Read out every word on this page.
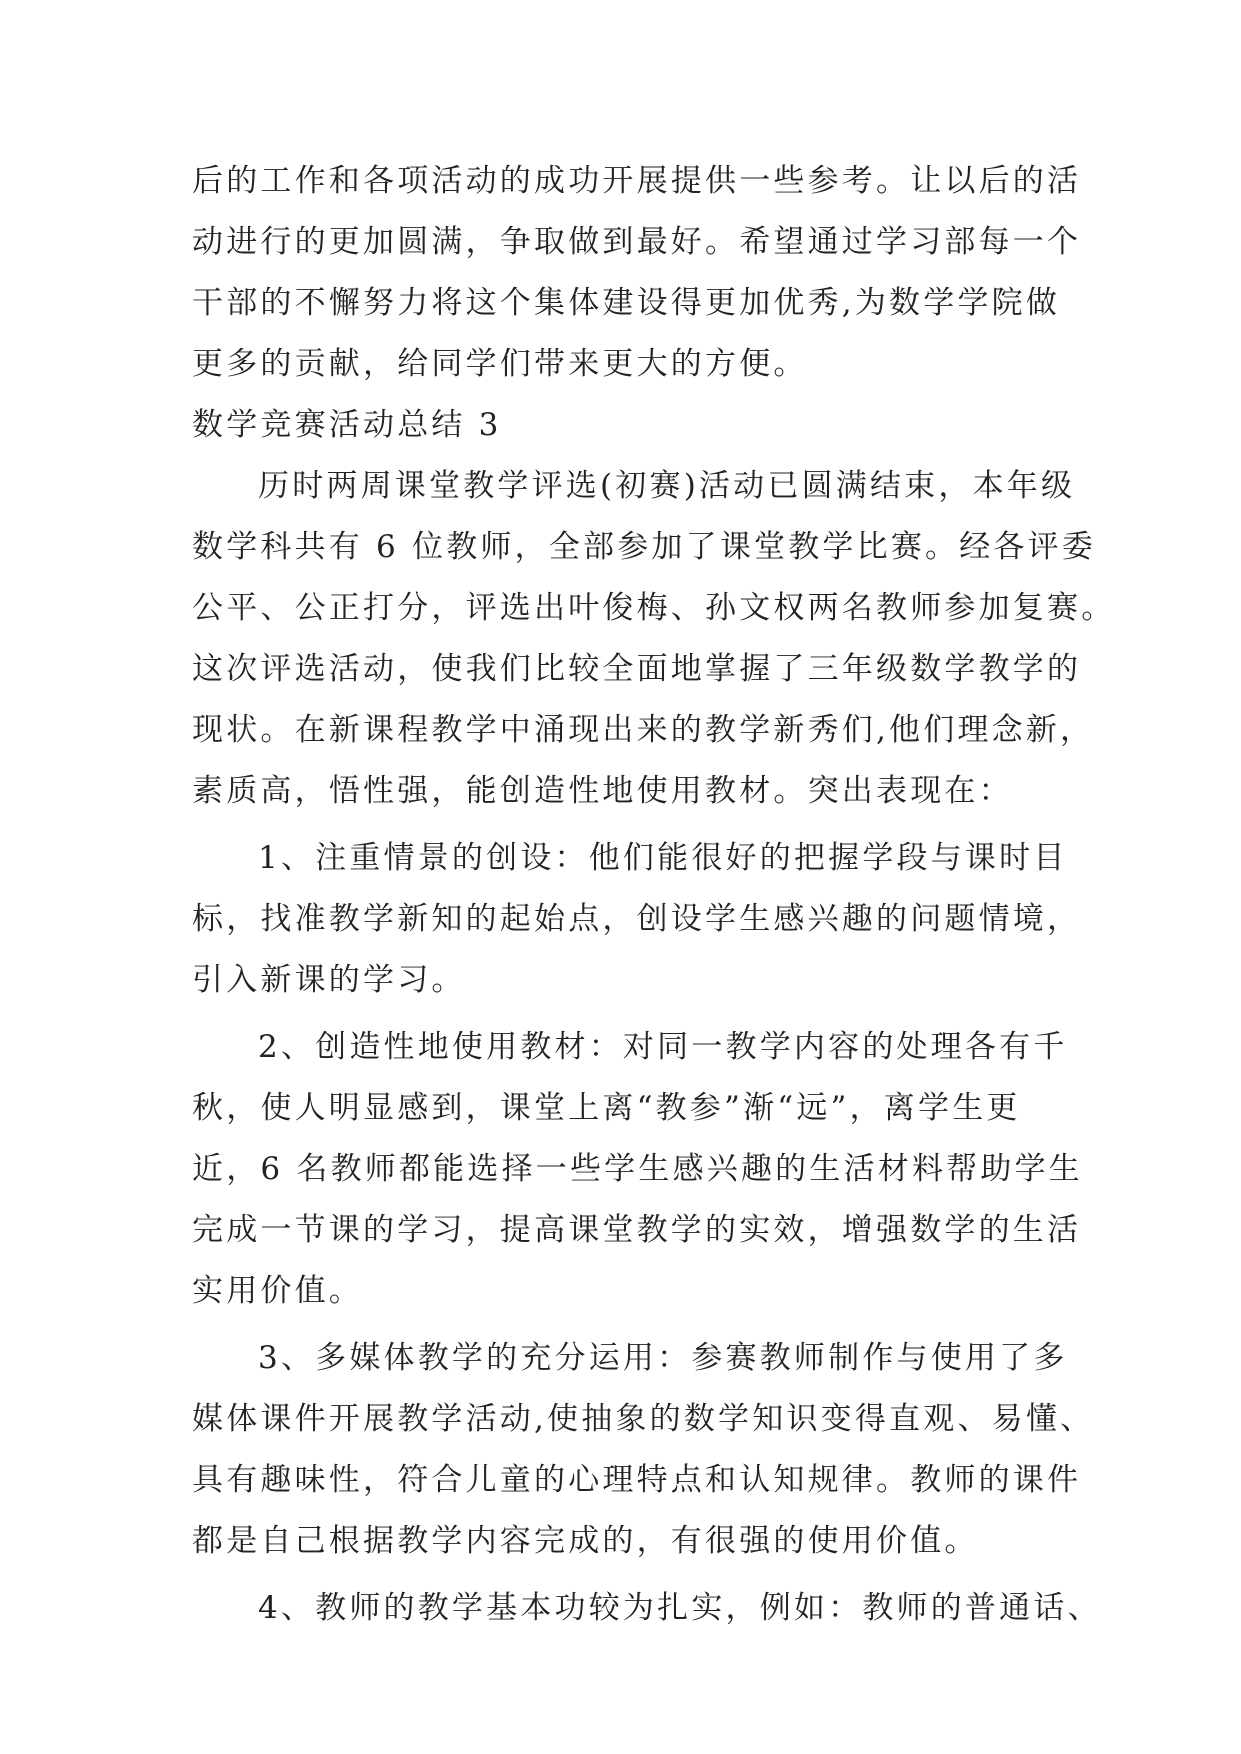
后的工作和各项活动的成功开展提供一些参考。让以后的活
动进行的更加圆满，争取做到最好。希望通过学习部每一个
干部的不懈努力将这个集体建设得更加优秀,为数学学院做
更多的贡献，给同学们带来更大的方便。
数学竞赛活动总结 3
历时两周课堂教学评选(初赛)活动已圆满结束，本年级
数学科共有 6 位教师，全部参加了课堂教学比赛。经各评委
公平、公正打分，评选出叶俊梅、孙文权两名教师参加复赛。
这次评选活动，使我们比较全面地掌握了三年级数学教学的
现状。在新课程教学中涌现出来的教学新秀们,他们理念新，
素质高，悟性强，能创造性地使用教材。突出表现在：
1、注重情景的创设：他们能很好的把握学段与课时目
标，找准教学新知的起始点，创设学生感兴趣的问题情境，
引入新课的学习。
2、创造性地使用教材：对同一教学内容的处理各有千
秋，使人明显感到，课堂上离“教参”渐“远”，离学生更
近，6 名教师都能选择一些学生感兴趣的生活材料帮助学生
完成一节课的学习，提高课堂教学的实效，增强数学的生活
实用价值。
3、多媒体教学的充分运用：参赛教师制作与使用了多
媒体课件开展教学活动,使抽象的数学知识变得直观、易懂、
具有趣味性，符合儿童的心理特点和认知规律。教师的课件
都是自己根据教学内容完成的，有很强的使用价值。
4、教师的教学基本功较为扎实，例如：教师的普通话、
